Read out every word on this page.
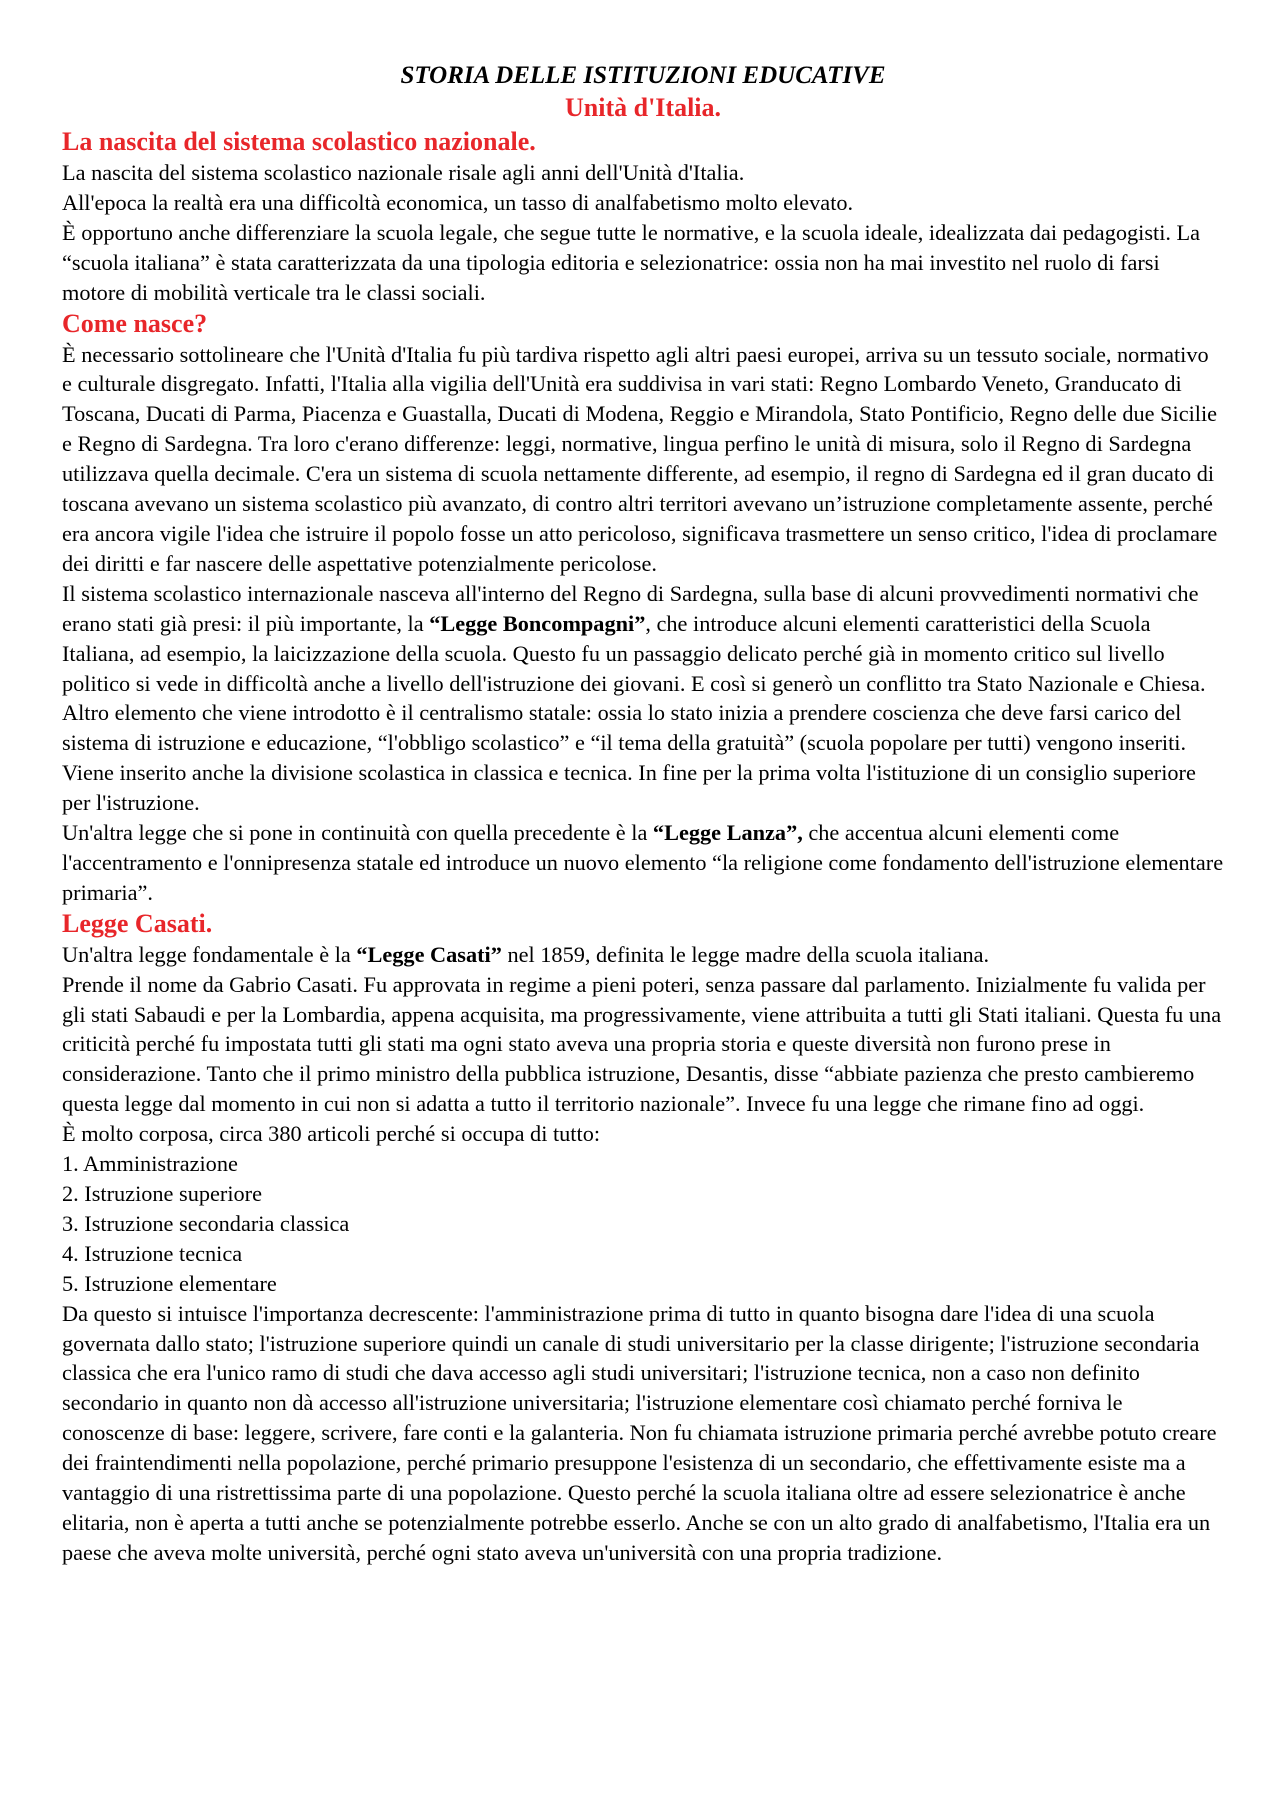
STORIA DELLE ISTITUZIONI EDUCATIVE
Unità d'Italia.
La nascita del sistema scolastico nazionale.

La nascita del sistema scolastico nazionale risale agli anni dell'Unità d'Italia.

All'epoca la realtà era una difficoltà economica, un tasso di analfabetismo molto elevato.

È opportuno anche differenziare la scuola legale, che segue tutte le normative, e la scuola ideale, idealizzata dai pedagogisti. La “scuola italiana” è stata caratterizzata da una tipologia editoria e selezionatrice: ossia non ha mai investito nel ruolo di farsi motore di mobilità verticale tra le classi sociali.

Come nasce?

È necessario sottolineare che l'Unità d'Italia fu più tardiva rispetto agli altri paesi europei, arriva su un tessuto sociale, normativo e culturale disgregato. Infatti, l'Italia alla vigilia dell'Unità era suddivisa in vari stati: Regno Lombardo Veneto, Granducato di Toscana, Ducati di Parma, Piacenza e Guastalla, Ducati di Modena, Reggio e Mirandola, Stato Pontificio, Regno delle due Sicilie e Regno di Sardegna. Tra loro c'erano differenze: leggi, normative, lingua perfino le unità di misura, solo il Regno di Sardegna utilizzava quella decimale. C'era un sistema di scuola nettamente differente, ad esempio, il regno di Sardegna ed il gran ducato di toscana avevano un sistema scolastico più avanzato, di contro altri territori avevano un’istruzione completamente assente, perché era ancora vigile l'idea che istruire il popolo fosse un atto pericoloso, significava trasmettere un senso critico, l'idea di proclamare dei diritti e far nascere delle aspettative potenzialmente pericolose.

Il sistema scolastico internazionale nasceva all'interno del Regno di Sardegna, sulla base di alcuni provvedimenti normativi che erano stati già presi: il più importante, la “Legge Boncompagni”, che introduce alcuni elementi caratteristici della Scuola Italiana, ad esempio, la laicizzazione della scuola. Questo fu un passaggio delicato perché già in momento critico sul livello politico si vede in difficoltà anche a livello dell'istruzione dei giovani. E così si generò un conflitto tra Stato Nazionale e Chiesa. Altro elemento che viene introdotto è il centralismo statale: ossia lo stato inizia a prendere coscienza che deve farsi carico del sistema di istruzione e educazione, “l'obbligo scolastico” e “il tema della gratuità” (scuola popolare per tutti) vengono inseriti. Viene inserito anche la divisione scolastica in classica e tecnica. In fine per la prima volta l'istituzione di un consiglio superiore per l'istruzione.

Un'altra legge che si pone in continuità con quella precedente è la “Legge Lanza”, che accentua alcuni elementi come l'accentramento e l'onnipresenza statale ed introduce un nuovo elemento “la religione come fondamento dell'istruzione elementare primaria”.

Legge Casati.

Un'altra legge fondamentale è la “Legge Casati” nel 1859, definita le legge madre della scuola italiana.

Prende il nome da Gabrio Casati. Fu approvata in regime a pieni poteri, senza passare dal parlamento. Inizialmente fu valida per gli stati Sabaudi e per la Lombardia, appena acquisita, ma progressivamente, viene attribuita a tutti gli Stati italiani. Questa fu una criticità perché fu impostata tutti gli stati ma ogni stato aveva una propria storia e queste diversità non furono prese in considerazione. Tanto che il primo ministro della pubblica istruzione, Desantis, disse “abbiate pazienza che presto cambieremo questa legge dal momento in cui non si adatta a tutto il territorio nazionale”. Invece fu una legge che rimane fino ad oggi.

È molto corposa, circa 380 articoli perché si occupa di tutto:

1. Amministrazione

2. Istruzione superiore

3. Istruzione secondaria classica

4. Istruzione tecnica

5. Istruzione elementare

Da questo si intuisce l'importanza decrescente: l'amministrazione prima di tutto in quanto bisogna dare l'idea di una scuola governata dallo stato; l'istruzione superiore quindi un canale di studi universitario per la classe dirigente; l'istruzione secondaria classica che era l'unico ramo di studi che dava accesso agli studi universitari; l'istruzione tecnica, non a caso non definito secondario in quanto non dà accesso all'istruzione universitaria; l'istruzione elementare così chiamato perché forniva le conoscenze di base: leggere, scrivere, fare conti e la galanteria. Non fu chiamata istruzione primaria perché avrebbe potuto creare dei fraintendimenti nella popolazione, perché primario presuppone l'esistenza di un secondario, che effettivamente esiste ma a vantaggio di una ristrettissima parte di una popolazione. Questo perché la scuola italiana oltre ad essere selezionatrice è anche elitaria, non è aperta a tutti anche se potenzialmente potrebbe esserlo. Anche se con un alto grado di analfabetismo, l'Italia era un paese che aveva molte università, perché ogni stato aveva un'università con una propria tradizione.
